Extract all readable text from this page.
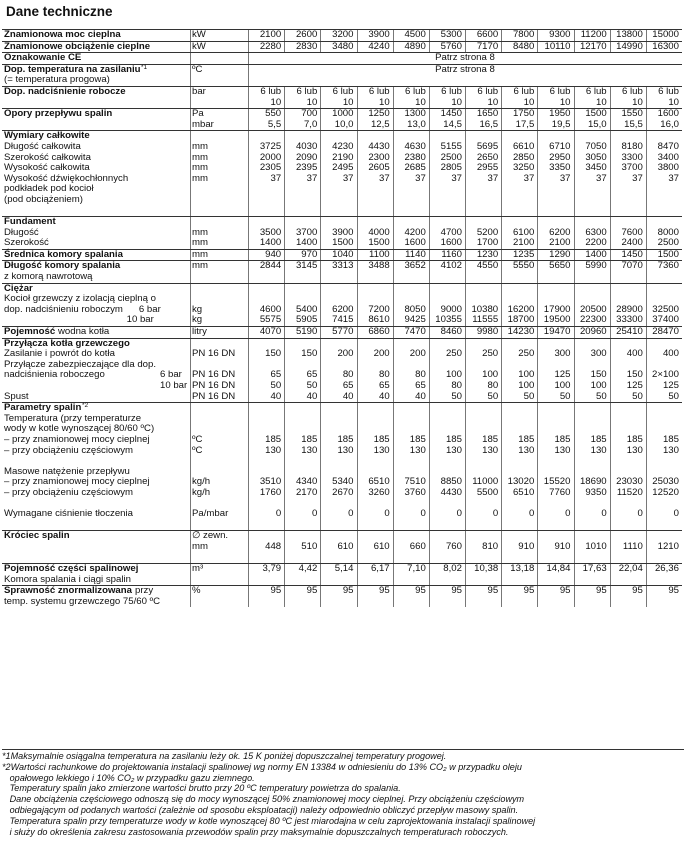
Dane techniczne
Znamionowa moc cieplna	kW	2100	2600	3200	3900	4500	5300	6600	7800	9300	11200 13800 15000
Znamionowe obciążenie cieplne	kW	2280	2830	3480	4240	4890	5760	7170	8480	10110 12170 14990 16300
Oznakowanie CE	Patrz strona 8
Dop. temperatura na zasilaniu *1	ºC	Patrz strona 8
(= temperatura progowa)
Dop. nadciśnienie robocze	bar	6 lub	6 lub	6 lub	6 lub	6 lub	6 lub	6 lub	6 lub	6 lub	6 lub	6 lub	6 lub
10	10	10	10	10	10	10	10	10	10	10	10
Opory przepływu spalin	Pa	550	700	1000	1250	1300	1450	1650	1750	1950	1500	1550	1600
mbar	5,5	7,0	10,0	12,5	13,0	14,5	16,5	17,5	19,5	15,0	15,5	16,0
Wymiary całkowite
Długość całkowita	mm	3725	4030	4230	4430	4630	5155	5695	6610	6710	7050	8180	8470
Szerokość całkowita	mm	2000	2090	2190	2300	2380	2500	2650	2850	2950	3050	3300	3400
Wysokość całkowita	mm	2305	2395	2495	2605	2685	2805	2955	3250	3350	3450	3700	3800
Wysokość dźwiękochłonnych	mm	37	37	37	37	37	37	37	37	37	37	37	37
podkładek pod kocioł
(pod obciążeniem)
Fundament
Długość	mm	3500	3700	3900	4000	4200	4700	5200	6100	6200	6300	7600	8000
Szerokość	mm	1400	1400	1500	1500	1600	1600	1700	2100	2100	2200	2400	2500
Średnica komory spalania	mm	940	970	1040	1100	1140	1160	1230	1235	1290	1400	1450	1500
Długość komory spalania	mm	2844	3145	3313	3488	3652	4102	4550	5550	5650	5990	7070	7360
z komorą nawrotową
Ciężar
Kocioł grzewczy z izolacją cieplną o
dop. nadciśnieniu roboczym      6 bar	kg	4600	5400	6200	7200	8050	9000 10380 16200 17900 20500 28900 32500
10 bar	kg	5575	5905	7415	8610	9425 10355	11555 18700 19500 22300 33300 37400
Pojemność wodna kotła	litry	4070	5190	5770	6860	7470	8460	9980 14230 19470 20960 25410 28470
Przyłącza kotła grzewczego
Zasilanie i powrót do kotła	PN 16 DN	150	150	200	200	200	250	250	250	300	300	400	400
Przyłącze zabezpieczające dla dop.
nadciśnienia roboczego	6 bar PN 16 DN	65	65	80	80	80	100	100	100	125	150	150 2×100
10 bar PN 16 DN	50	50	65	65	65	80	80	100	100	100	125	125
Spust	PN 16 DN	40	40	40	40	40	50	50	50	50	50	50	50
Parametry spalin *2
Temperatura (przy temperaturze
wody w kotle wynoszącej 80/60 ºC)
– przy znamionowej mocy cieplnej	ºC	185	185	185	185	185	185	185	185	185	185	185	185
– przy obciążeniu częściowym	ºC	130	130	130	130	130	130	130	130	130	130	130	130
Masowe natężenie przepływu
– przy znamionowej mocy cieplnej	kg/h	3510	4340	5340	6510	7510	8850	11000 13020 15520 18690 23030 25030
– przy obciążeniu częściowym	kg/h	1760	2170	2670	3260	3760	4430	5500	6510	7760	9350	11520 12520
Wymagane ciśnienie tłoczenia	Pa/mbar	0	0	0	0	0	0	0	0	0	0	0	0
Króciec spalin	∅ zewn.
mm	448	510	610	610	660	760	810	910	910	1010	1110	1210
Pojemność części spalinowej	m³	3,79	4,42	5,14	6,17	7,10	8,02	10,38	13,18	14,84	17,63	22,04	26,36
Komora spalania i ciągi spalin
Sprawność znormalizowana przy	%	95	95	95	95	95	95	95	95	95	95	95	95
temp. systemu grzewczego 75/60 ºC
*1Maksymalnie osiągalna temperatura na zasilaniu leży ok. 15 K poniżej dopuszczalnej temperatury progowej.
*2Wartości rachunkowe do projektowania instalacji spalinowej wg normy EN 13384 w odniesieniu do 13% CO₂ w przypadku oleju
opałowego lekkiego i 10% CO₂ w przypadku gazu ziemnego.
Temperatury spalin jako zmierzone wartości brutto przy 20 ºC temperatury powietrza do spalania.
Dane obciążenia częściowego odnoszą się do mocy wynoszącej 50% znamionowej mocy cieplnej. Przy obciążeniu częściowym
odbiegającym od podanych wartości (zależnie od sposobu eksploatacji) należy odpowiednio obliczyć przepływ masowy spalin.
Temperatura spalin przy temperaturze wody w kotle wynoszącej 80 ºC jest miarodajna w celu zaprojektowania instalacji spalinowej
i służy do określenia zakresu zastosowania przewodów spalin przy maksymalnie dopuszczalnych temperaturach roboczych.
